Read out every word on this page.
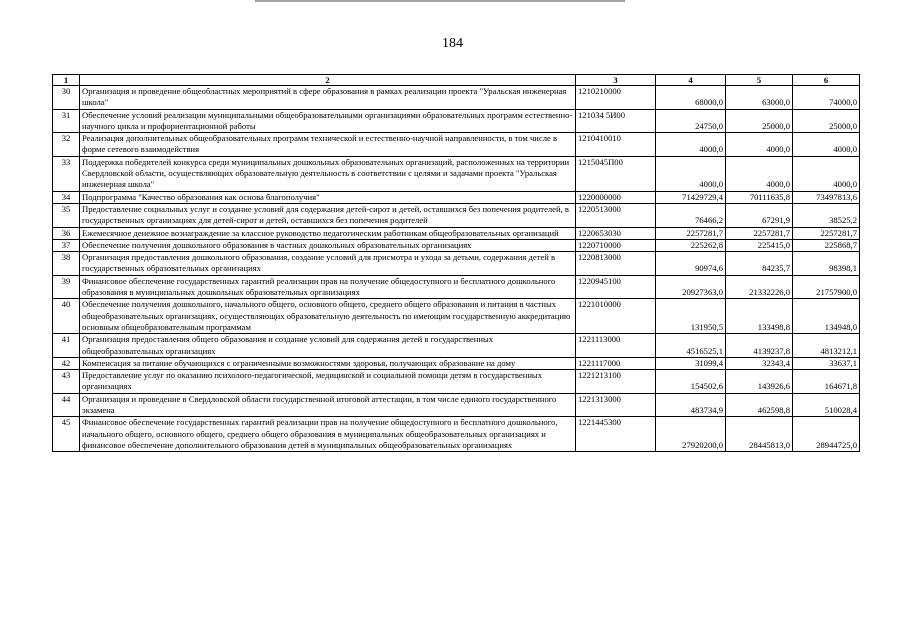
184
1	2	3	4	5	6
30	Организация и проведение общеобластных мероприятий в сфере образования в рамках реализации проекта "Уральская инженерная школа"	1210210000	68000,0	63000,0	74000,0
31	Обеспечение условий реализации муниципальными общеобразовательными организациями образовательных программ естественно-научного цикла и профориентационной работы	121034 5И00	24750,0	25000,0	25000,0
32	Реализация дополнительных общеобразовательных программ технической и естественно-научной направленности, в том числе в форме сетевого взаимодействия	1210410010	4000,0	4000,0	4000,0
33	Поддержка победителей конкурса среди муниципальных дошкольных образовательных организаций, расположенных на территории Свердловской области, осуществляющих образовательную деятельность в соответствии с целями и задачами проекта "Уральская инженерная школа"	1215045П00	4000,0	4000,0	4000,0
34	Подпрограмма "Качество образования как основа благополучия"	1220000000	71429729,4	70111635,8	73497813,6
35	Предоставление социальных услуг и создание условий для содержания детей-сирот и детей, оставшихся без попечения родителей, в государственных организациях для детей-сирот и детей, оставшихся без попечения родителей	1220513000	76466,2	67291,9	38525,2
36	Ежемесячное денежное вознаграждение за классное руководство педагогическим работникам общеобразовательных организаций	1220653030	2257281,7	2257281,7	2257281,7
37	Обеспечение получения дошкольного образования в частных дошкольных образовательных организациях	1220710000	225262,8	225415,0	225868,7
38	Организация предоставления дошкольного образования, создание условий для присмотра и ухода за детьми, содержания детей в государственных образовательных организациях	1220813000	90974,6	84235,7	98398,1
39	Финансовое обеспечение государственных гарантий реализации прав на получение общедоступного и бесплатного дошкольного образования в муниципальных дошкольных образовательных организациях	1220945100	20927363,0	21332226,0	21757900,0
40	Обеспечение получения дошкольного, начального общего, основного общего, среднего общего образования и питания в частных общеобразовательных организациях, осуществляющих образовательную деятельность по имеющим государственную аккредитацию основным общеобразовательным программам	1221010000	131950,5	133498,8	134948,0
41	Организация предоставления общего образования и создание условий для содержания детей в государственных общеобразовательных организациях	1221113000	4516525,1	4139237,8	4813212,1
42	Компенсация за питание обучающихся с ограниченными возможностями здоровья, получающих образование на дому	1221117000	31099,4	32343,4	33637,1
43	Предоставление услуг по оказанию психолого-педагогической, медицинской и социальной помощи детям в государственных организациях	1221213100	154502,6	143926,6	164671,8
44	Организация и проведение в Свердловской области государственной итоговой аттестации, в том числе единого государственного экзамена	1221313000	483734,9	462598,8	510028,4
45	Финансовое обеспечение государственных гарантий реализации прав на получение общедоступного и бесплатного дошкольного, начального общего, основного общего, среднего общего образования в муниципальных общеобразовательных организациях и финансовое обеспечение дополнительного образования детей в муниципальных общеобразовательных организациях	1221445300	27920200,0	28445813,0	28944725,0
